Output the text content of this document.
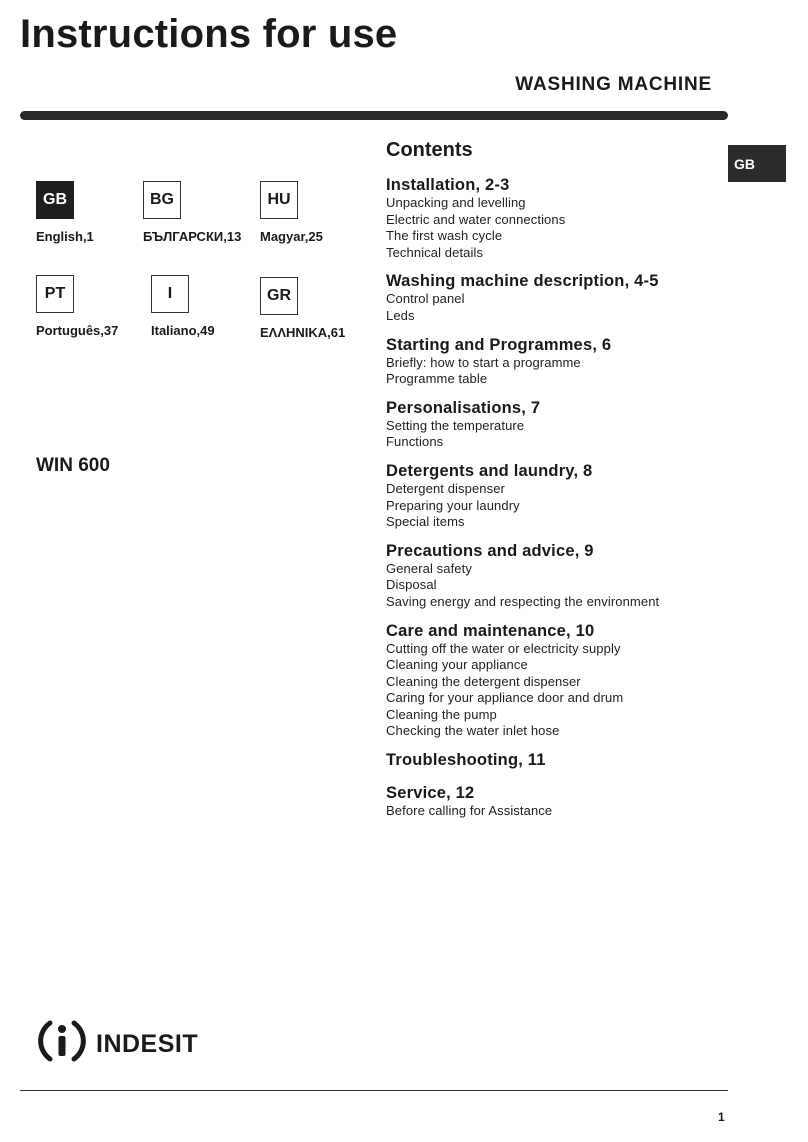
Instructions for use
WASHING MACHINE
GB
GB
English,1
BG
БЪЛГАРСКИ,13
HU
Magyar,25
PT
Português,37
I
Italiano,49
GR
ΕΛΛΗΝΙΚΑ,61
WIN 600
Contents
Installation, 2-3
Unpacking and levelling
Electric and water connections
The first wash cycle
Technical details
Washing machine description, 4-5
Control panel
Leds
Starting and Programmes, 6
Briefly: how to start a programme
Programme table
Personalisations, 7
Setting the temperature
Functions
Detergents and laundry, 8
Detergent dispenser
Preparing your laundry
Special items
Precautions and advice, 9
General safety
Disposal
Saving energy and respecting the environment
Care and maintenance, 10
Cutting off the water or electricity supply
Cleaning your appliance
Cleaning the detergent dispenser
Caring for your appliance door and drum
Cleaning the pump
Checking the water inlet hose
Troubleshooting, 11
Service, 12
Before calling for Assistance
indesit
1
